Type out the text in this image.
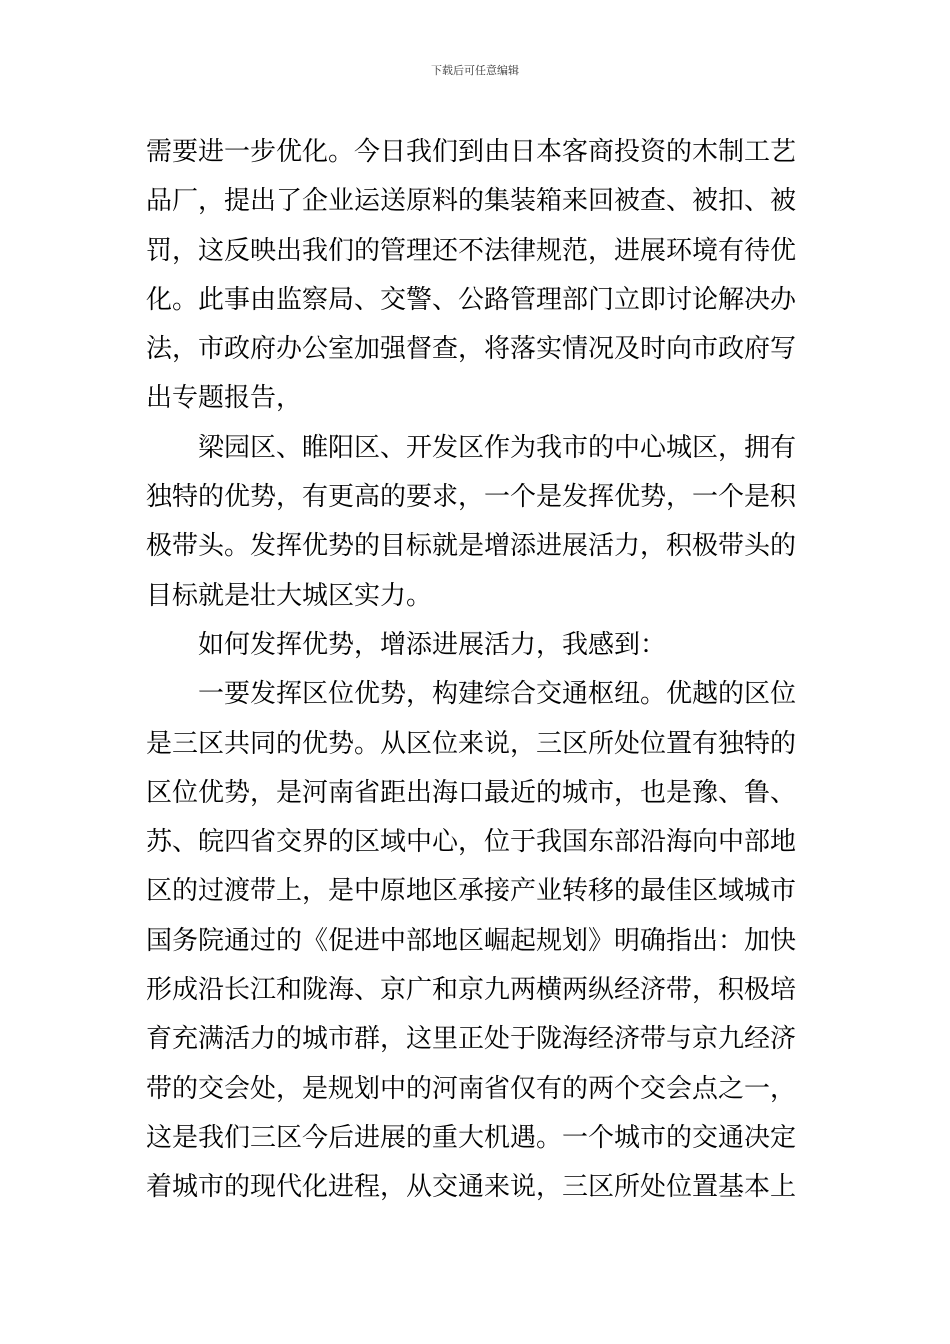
下载后可任意编辑
需要进一步优化。今日我们到由日本客商投资的木制工艺
品厂，提出了企业运送原料的集装箱来回被查、被扣、被
罚，这反映出我们的管理还不法律规范，进展环境有待优
化。此事由监察局、交警、公路管理部门立即讨论解决办
法，市政府办公室加强督查，将落实情况及时向市政府写
出专题报告，
梁园区、睢阳区、开发区作为我市的中心城区，拥有
独特的优势，有更高的要求，一个是发挥优势，一个是积
极带头。发挥优势的目标就是增添进展活力，积极带头的
目标就是壮大城区实力。
如何发挥优势，增添进展活力，我感到：
一要发挥区位优势，构建综合交通枢纽。优越的区位
是三区共同的优势。从区位来说，三区所处位置有独特的
区位优势，是河南省距出海口最近的城市，也是豫、鲁、
苏、皖四省交界的区域中心，位于我国东部沿海向中部地
区的过渡带上，是中原地区承接产业转移的最佳区域城市
国务院通过的《促进中部地区崛起规划》明确指出：加快
形成沿长江和陇海、京广和京九两横两纵经济带，积极培
育充满活力的城市群，这里正处于陇海经济带与京九经济
带的交会处，是规划中的河南省仅有的两个交会点之一，
这是我们三区今后进展的重大机遇。一个城市的交通决定
着城市的现代化进程，从交通来说，三区所处位置基本上
